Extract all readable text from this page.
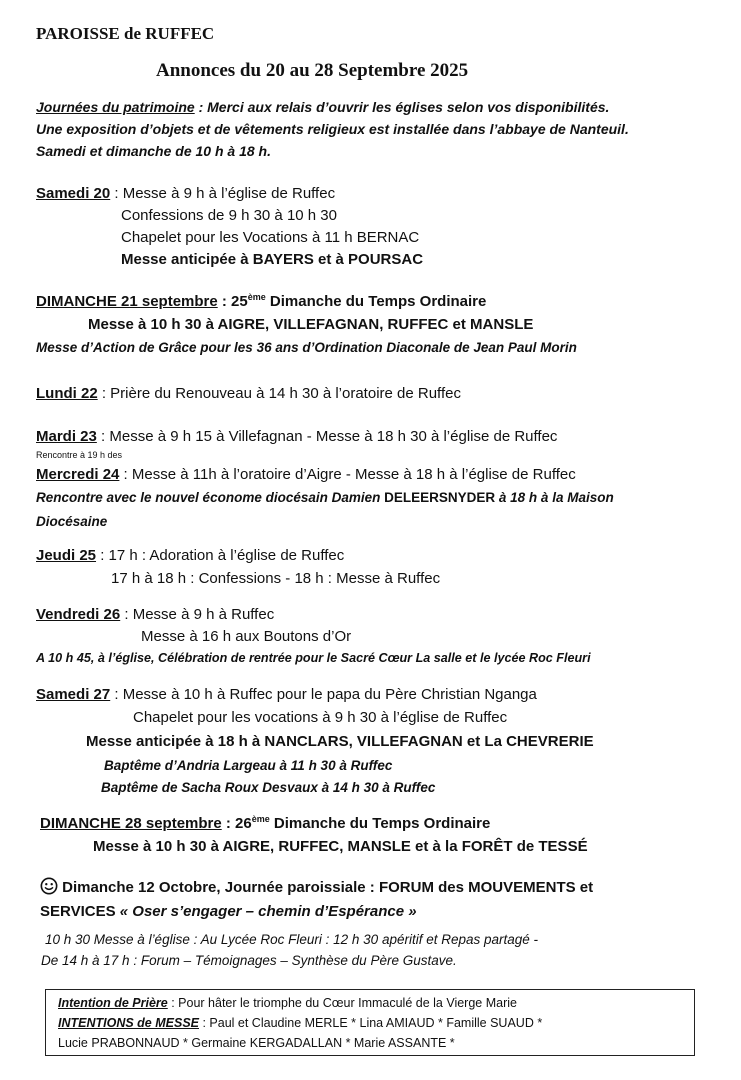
PAROISSE de RUFFEC
Annonces du 20 au 28 Septembre 2025
Journées du patrimoine : Merci aux relais d’ouvrir les églises selon vos disponibilités.
Une exposition d’objets et de vêtements religieux est installée dans l’abbaye de Nanteuil.
Samedi et dimanche de 10 h à 18 h.
Samedi 20 : Messe à 9 h à l’église de Ruffec
Confessions de 9 h 30 à 10 h 30
Chapelet pour les Vocations à 11 h BERNAC
Messe anticipée à BAYERS et à POURSAC
DIMANCHE 21 septembre : 25ème Dimanche du Temps Ordinaire
Messe à 10 h 30 à AIGRE, VILLEFAGNAN, RUFFEC et MANSLE
Messe d’Action de Grâce pour les 36 ans d’Ordination Diaconale de Jean Paul Morin
Lundi 22 : Prière du Renouveau à 14 h 30 à l’oratoire de Ruffec
Mardi 23 : Messe à 9 h 15 à Villefagnan - Messe à 18 h 30 à l’église de Ruffec
Rencontre à 19 h des
Mercredi 24 : Messe à 11h à l’oratoire d’Aigre - Messe à 18 h à l’église de Ruffec
Rencontre avec le nouvel économe diocésain Damien DELEERSNYDER à 18 h à la Maison
Diocésaine
Jeudi 25 : 17 h : Adoration à l’église de Ruffec
17 h à 18 h : Confessions - 18 h : Messe à Ruffec
Vendredi 26 : Messe à 9 h à Ruffec
Messe à 16 h aux Boutons d’Or
A 10 h 45, à l’église, Célébration de rentrée pour le Sacré Cœur La salle et le lycée Roc Fleuri
Samedi 27 : Messe à 10 h à Ruffec pour le papa du Père Christian Nganga
Chapelet pour les vocations à 9 h 30 à l’église de Ruffec
Messe anticipée à 18 h à NANCLARS, VILLEFAGNAN et La CHEVRERIE
Baptême d’Andria Largeau à 11 h 30 à Ruffec
Baptême de Sacha Roux Desvaux à 14 h 30 à Ruffec
DIMANCHE 28 septembre : 26ème Dimanche du Temps Ordinaire
Messe à 10 h 30 à AIGRE, RUFFEC, MANSLE et à la FORÊT de TESSÉ
Dimanche 12 Octobre, Journée paroissiale : FORUM des MOUVEMENTS et
SERVICES « Oser s’engager – chemin d’Espérance »
10 h 30 Messe à l’église : Au Lycée Roc Fleuri : 12 h 30 apéritif et Repas partagé -
De 14 h à 17 h : Forum – Témoignages – Synthèse du Père Gustave.
Intention de Prière : Pour hâter le triomphe du Cœur Immaculé de la Vierge Marie
INTENTIONS de MESSE : Paul et Claudine MERLE * Lina AMIAUD * Famille SUAUD *
Lucie PRABONNAUD * Germaine KERGADALLAN * Marie ASSANTE *
